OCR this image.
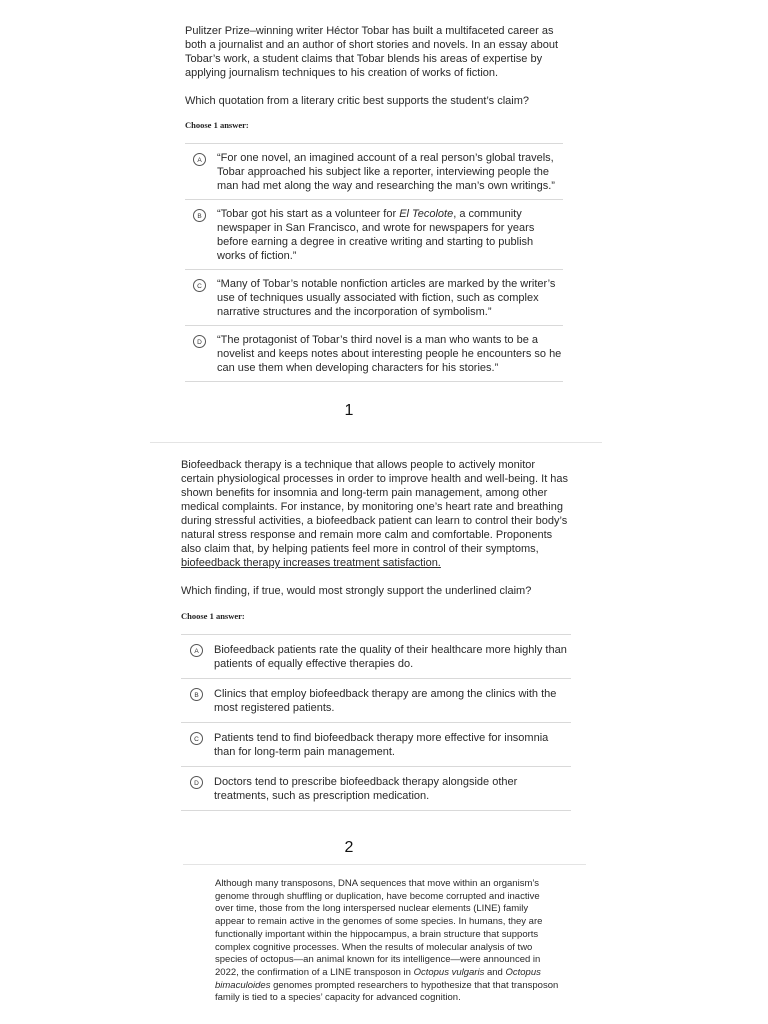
Pulitzer Prize–winning writer Héctor Tobar has built a multifaceted career as both a journalist and an author of short stories and novels. In an essay about Tobar’s work, a student claims that Tobar blends his areas of expertise by applying journalism techniques to his creation of works of fiction.

Which quotation from a literary critic best supports the student’s claim?

Choose 1 answer:

A	“For one novel, an imagined account of a real person’s global travels, Tobar approached his subject like a reporter, interviewing people the man had met along the way and researching the man’s own writings.”
B	“Tobar got his start as a volunteer for El Tecolote, a community newspaper in San Francisco, and wrote for newspapers for years before earning a degree in creative writing and starting to publish works of fiction.”
C	“Many of Tobar’s notable nonfiction articles are marked by the writer’s use of techniques usually associated with fiction, such as complex narrative structures and the incorporation of symbolism.”
D	“The protagonist of Tobar’s third novel is a man who wants to be a novelist and keeps notes about interesting people he encounters so he can use them when developing characters for his stories.”
1

Biofeedback therapy is a technique that allows people to actively monitor certain physiological processes in order to improve health and well-being. It has shown benefits for insomnia and long-term pain management, among other medical complaints. For instance, by monitoring one’s heart rate and breathing during stressful activities, a biofeedback patient can learn to control their body’s natural stress response and remain more calm and comfortable. Proponents also claim that, by helping patients feel more in control of their symptoms, biofeedback therapy increases treatment satisfaction.

Which finding, if true, would most strongly support the underlined claim?

Choose 1 answer:

A	Biofeedback patients rate the quality of their healthcare more highly than patients of equally effective therapies do.
B	Clinics that employ biofeedback therapy are among the clinics with the most registered patients.
C	Patients tend to find biofeedback therapy more effective for insomnia than for long-term pain management.
D	Doctors tend to prescribe biofeedback therapy alongside other treatments, such as prescription medication.
2

Although many transposons, DNA sequences that move within an organism’s genome through shuffling or duplication, have become corrupted and inactive over time, those from the long interspersed nuclear elements (LINE) family appear to remain active in the genomes of some species. In humans, they are functionally important within the hippocampus, a brain structure that supports complex cognitive processes. When the results of molecular analysis of two species of octopus—an animal known for its intelligence—were announced in 2022, the confirmation of a LINE transposon in Octopus vulgaris and Octopus bimaculoides genomes prompted researchers to hypothesize that that transposon family is tied to a species’ capacity for advanced cognition.
